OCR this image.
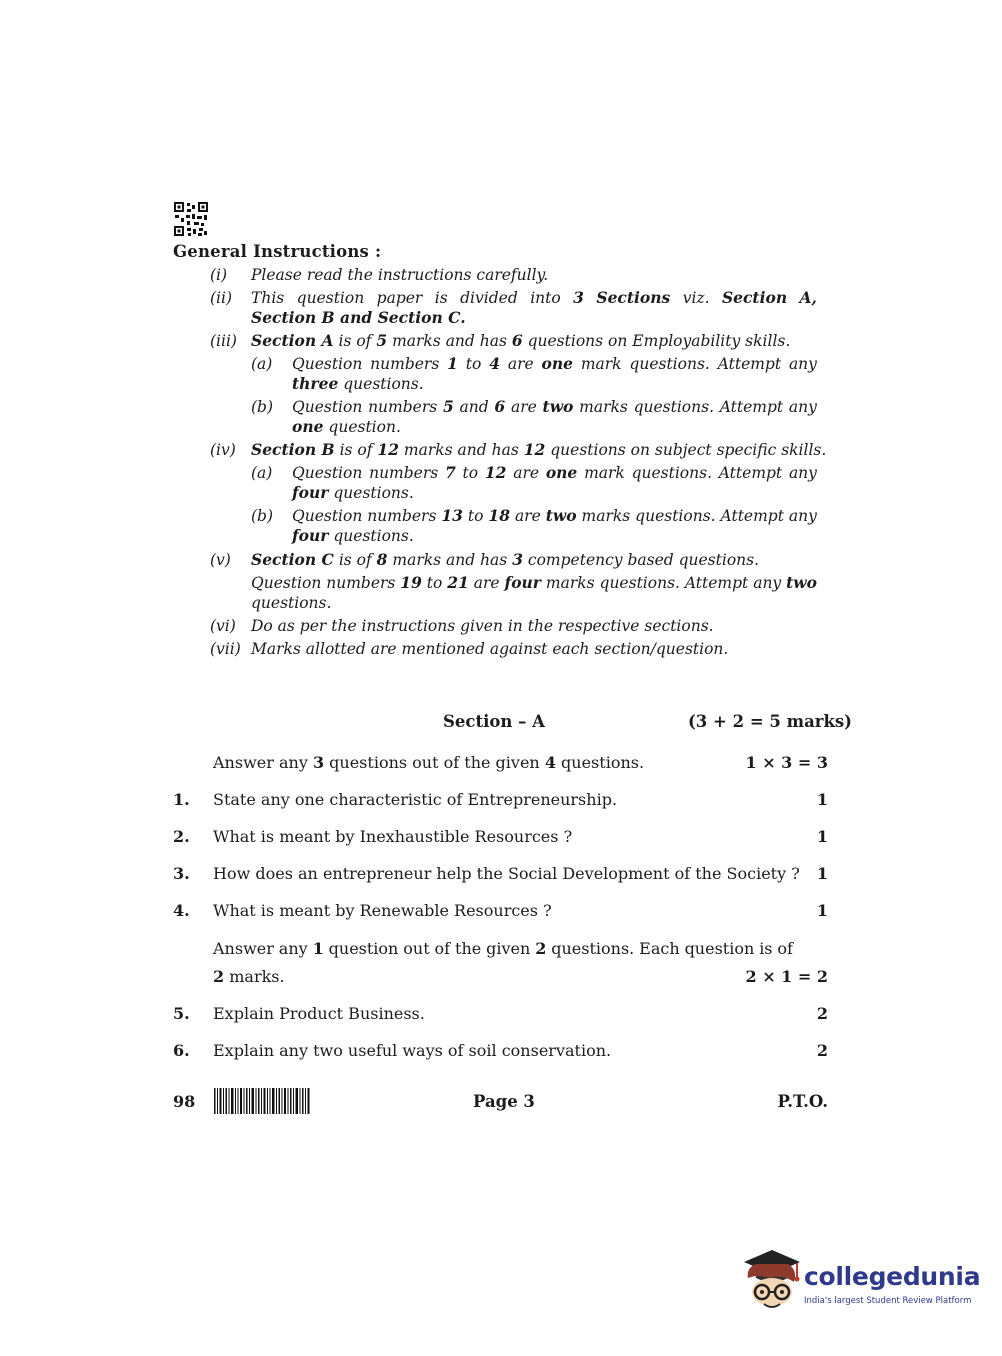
General Instructions :
(i) Please read the instructions carefully.
(ii) This question paper is divided into 3 Sections viz. Section A,
Section B and Section C.
(iii) Section A is of 5 marks and has 6 questions on Employability skills.
(a) Question numbers 1 to 4 are one mark questions. Attempt any
three questions.
(b) Question numbers 5 and 6 are two marks questions. Attempt any
one question.
(iv) Section B is of 12 marks and has 12 questions on subject specific skills.
(a) Question numbers 7 to 12 are one mark questions. Attempt any
four questions.
(b) Question numbers 13 to 18 are two marks questions. Attempt any
four questions.
(v) Section C is of 8 marks and has 3 competency based questions.
Question numbers 19 to 21 are four marks questions. Attempt any two
questions.
(vi) Do as per the instructions given in the respective sections.
(vii) Marks allotted are mentioned against each section/question.
Section – A	(3 + 2 = 5 marks)
Answer any 3 questions out of the given 4 questions.	1 × 3 = 3
1. State any one characteristic of Entrepreneurship.	1
2. What is meant by Inexhaustible Resources ?	1
3. How does an entrepreneur help the Social Development of the Society ? 1
4. What is meant by Renewable Resources ?	1
Answer any 1 question out of the given 2 questions. Each question is of
2 marks.	2 × 1 = 2
5. Explain Product Business.	2
6. Explain any two useful ways of soil conservation.	2
98	Page 3	P.T.O.
collegedunia
India's largest Student Review Platform
